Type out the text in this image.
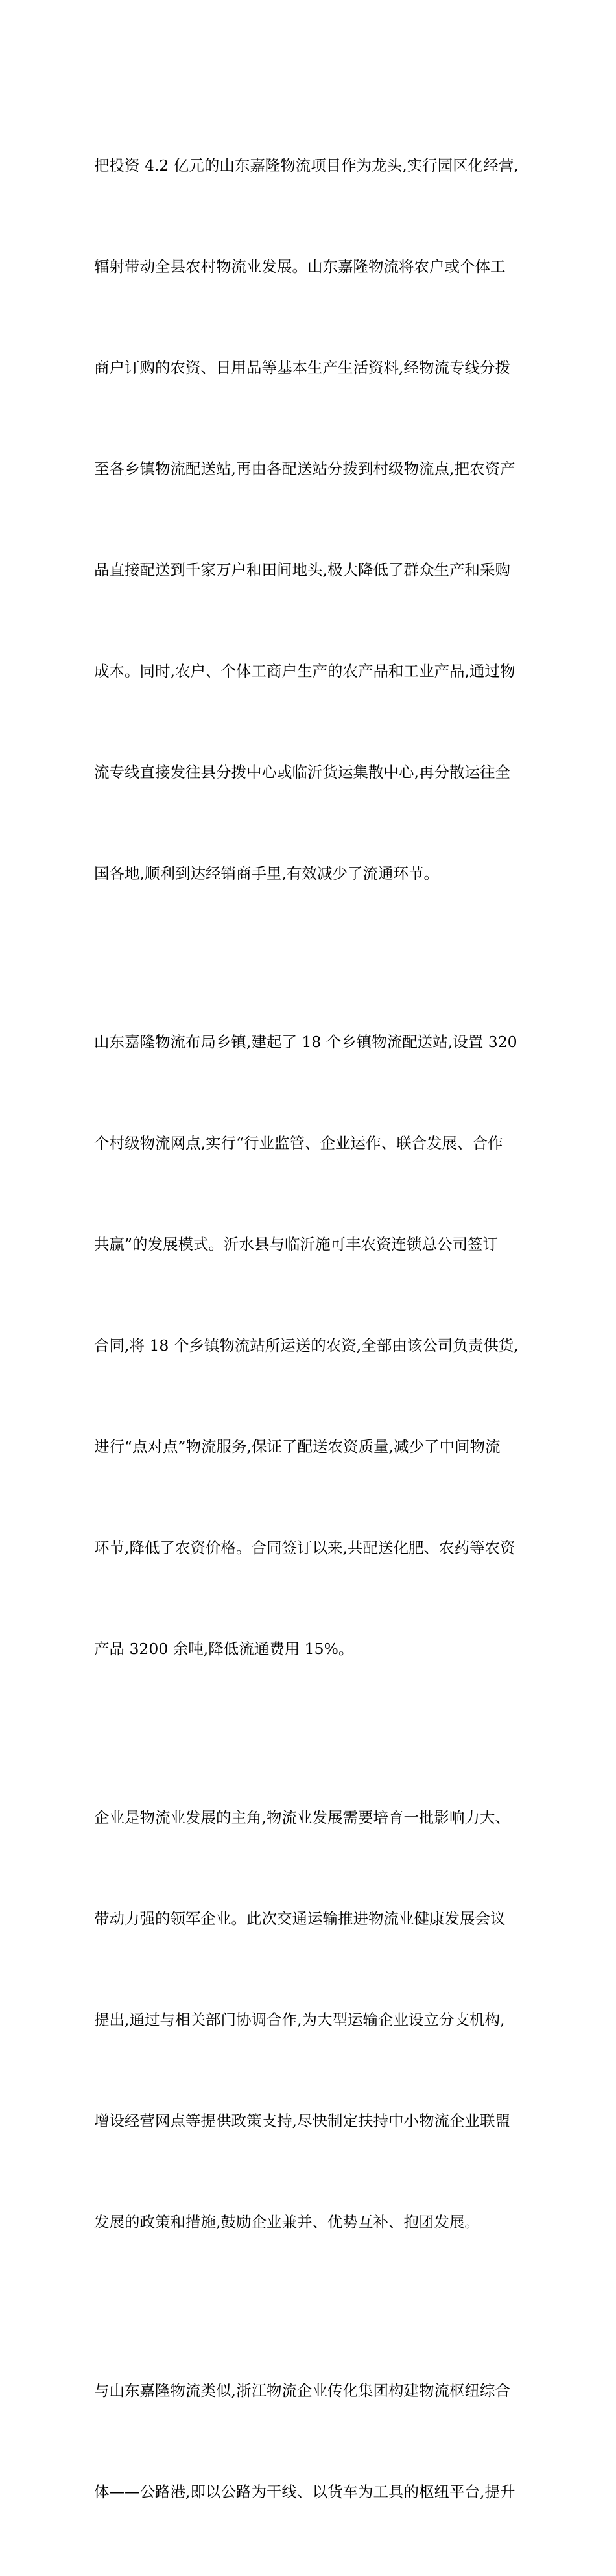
把投资 4.2 亿元的山东嘉隆物流项目作为龙头,实行园区化经营,

辐射带动全县农村物流业发展。山东嘉隆物流将农户或个体工

商户订购的农资、日用品等基本生产生活资料,经物流专线分拨

至各乡镇物流配送站,再由各配送站分拨到村级物流点,把农资产

品直接配送到千家万户和田间地头,极大降低了群众生产和采购

成本。同时,农户、个体工商户生产的农产品和工业产品,通过物

流专线直接发往县分拨中心或临沂货运集散中心,再分散运往全

国各地,顺利到达经销商手里,有效减少了流通环节。

山东嘉隆物流布局乡镇,建起了 18 个乡镇物流配送站,设置 320

个村级物流网点,实行“行业监管、企业运作、联合发展、合作

共赢”的发展模式。沂水县与临沂施可丰农资连锁总公司签订

合同,将 18 个乡镇物流站所运送的农资,全部由该公司负责供货,

进行“点对点”物流服务,保证了配送农资质量,减少了中间物流

环节,降低了农资价格。合同签订以来,共配送化肥、农药等农资

产品 3200 余吨,降低流通费用 15%。

企业是物流业发展的主角,物流业发展需要培育一批影响力大、

带动力强的领军企业。此次交通运输推进物流业健康发展会议

提出,通过与相关部门协调合作,为大型运输企业设立分支机构,

增设经营网点等提供政策支持,尽快制定扶持中小物流企业联盟

发展的政策和措施,鼓励企业兼并、优势互补、抱团发展。

与山东嘉隆物流类似,浙江物流企业传化集团构建物流枢纽综合

体——公路港,即以公路为干线、以货车为工具的枢纽平台,提升
